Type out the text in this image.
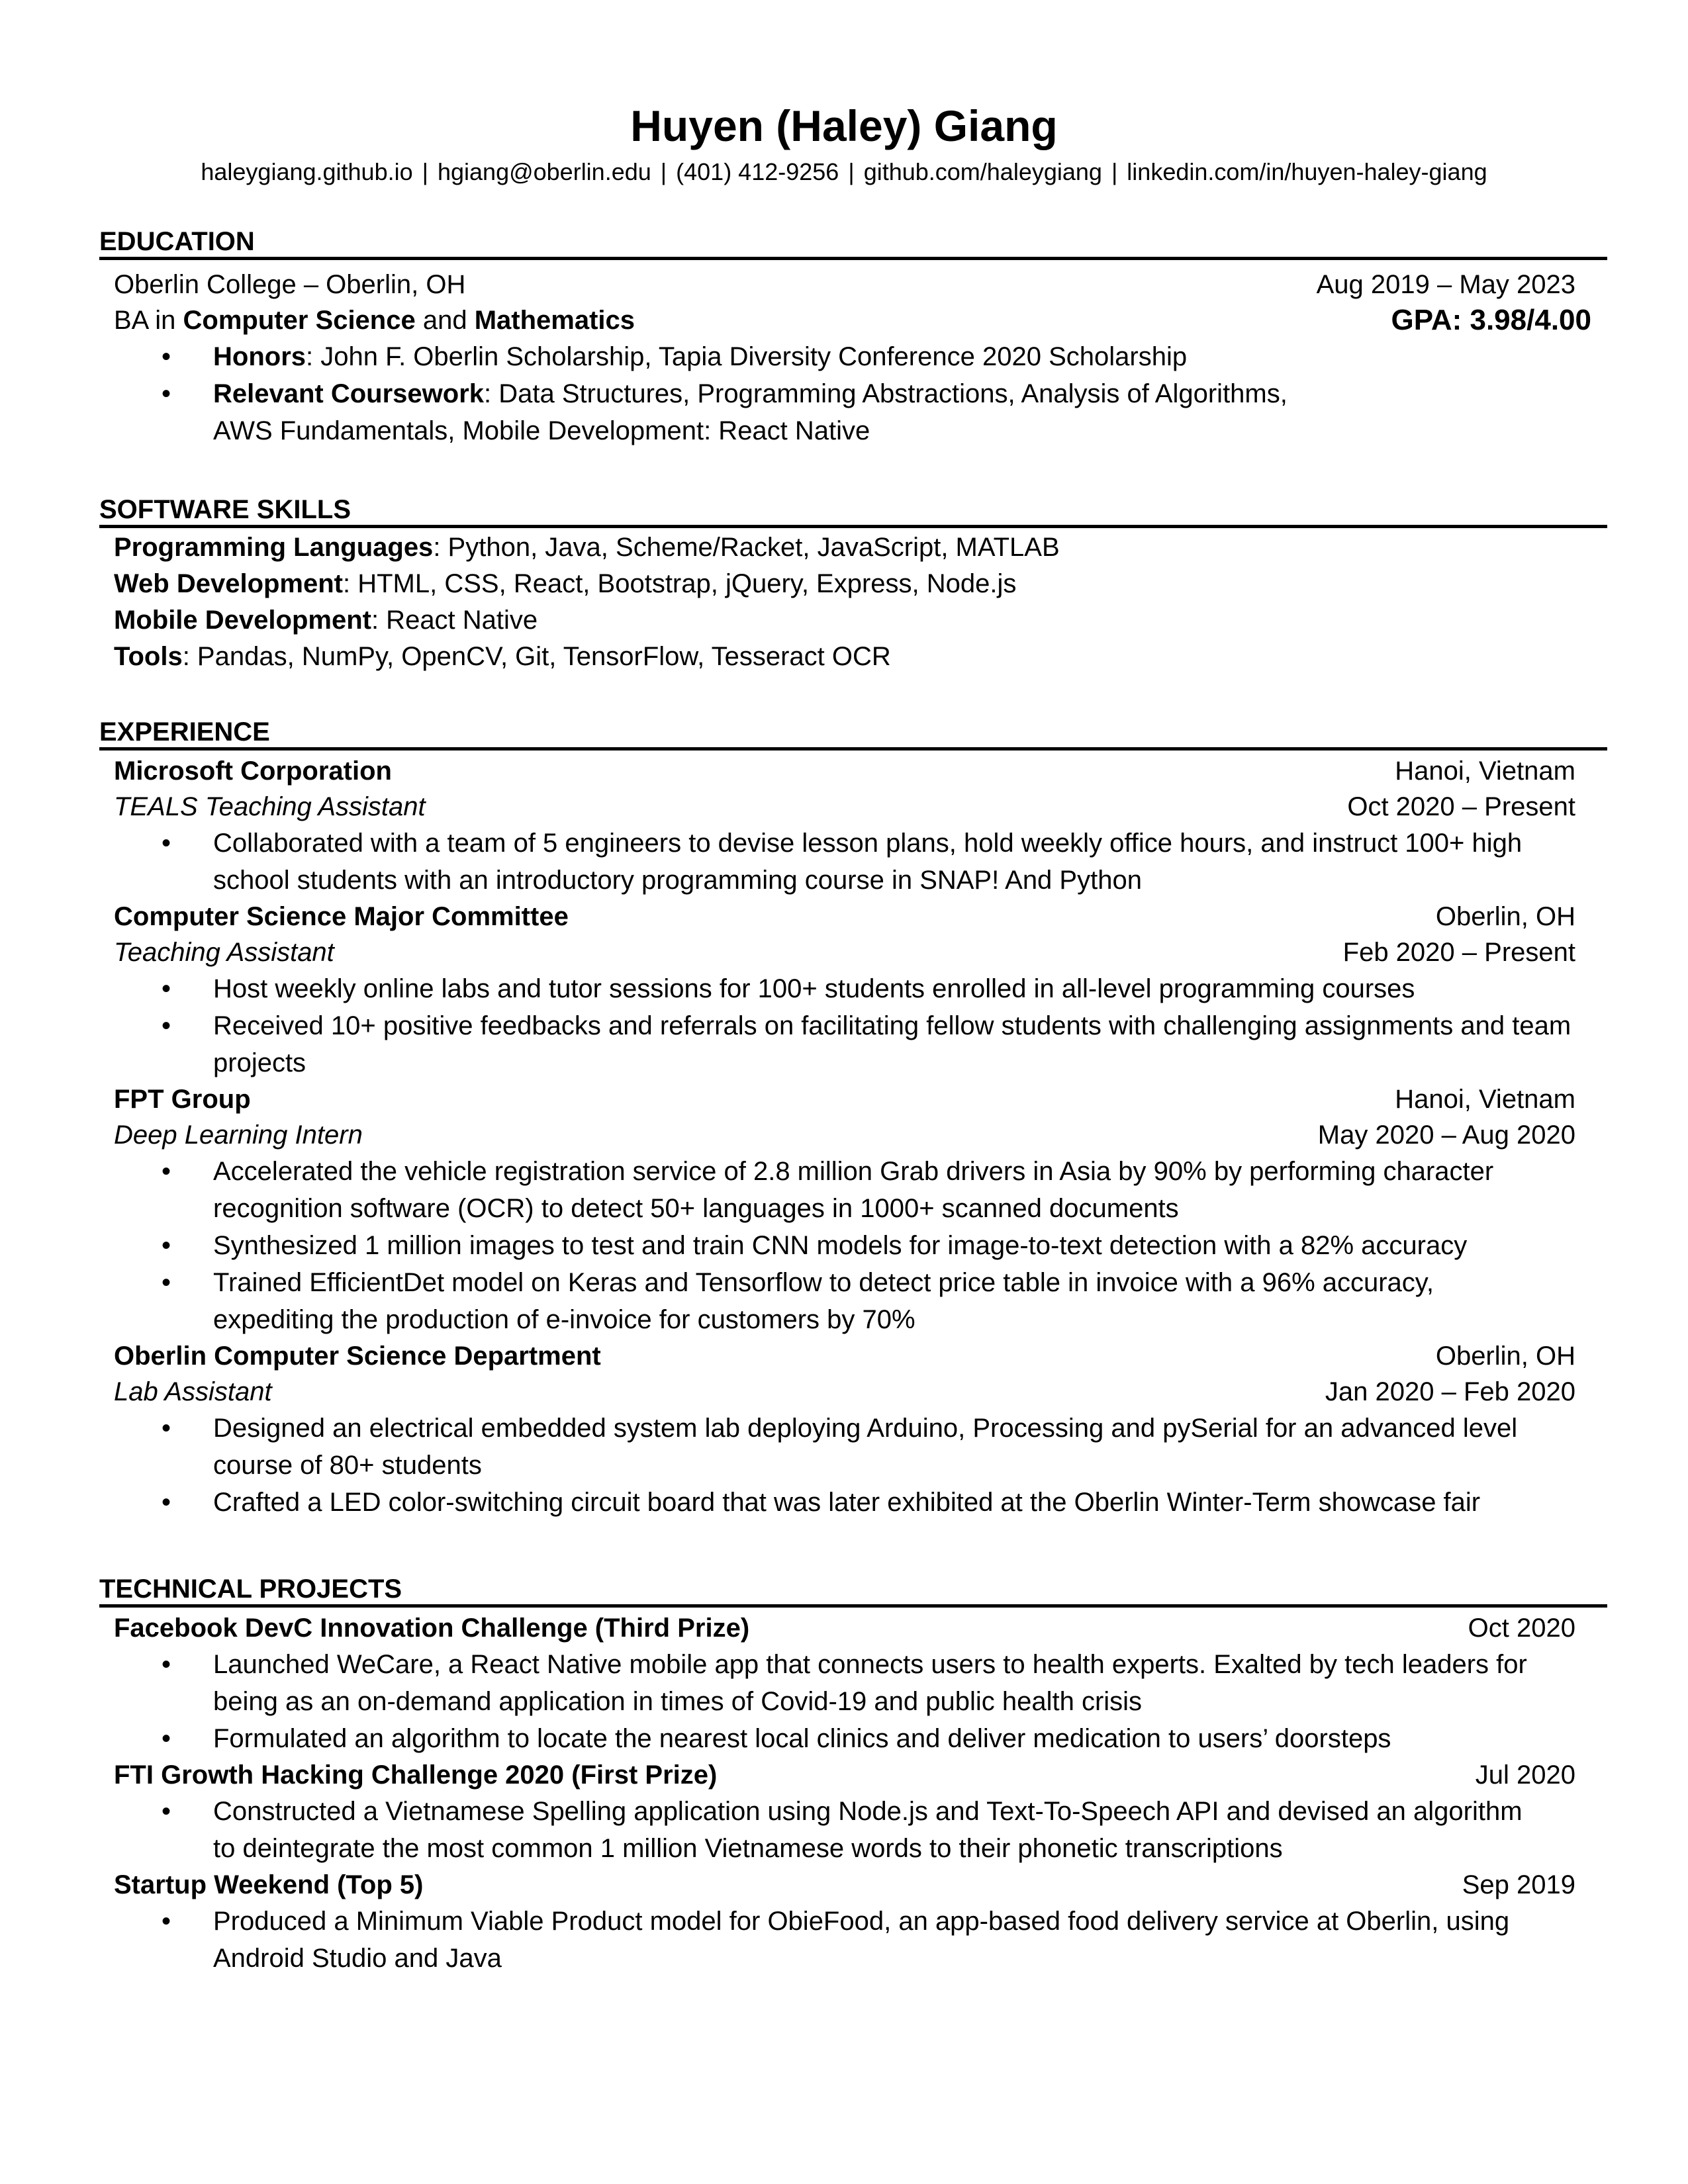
Huyen (Haley) Giang
haleygiang.github.io | hgiang@oberlin.edu | (401) 412-9256 | github.com/haleygiang | linkedin.com/in/huyen-haley-giang
EDUCATION
Oberlin College – Oberlin, OH	Aug 2019 – May 2023
BA in Computer Science and Mathematics	GPA: 3.98/4.00
• Honors: John F. Oberlin Scholarship, Tapia Diversity Conference 2020 Scholarship
• Relevant Coursework: Data Structures, Programming Abstractions, Analysis of Algorithms, AWS Fundamentals, Mobile Development: React Native
SOFTWARE SKILLS
Programming Languages: Python, Java, Scheme/Racket, JavaScript, MATLAB
Web Development: HTML, CSS, React, Bootstrap, jQuery, Express, Node.js
Mobile Development: React Native
Tools: Pandas, NumPy, OpenCV, Git, TensorFlow, Tesseract OCR
EXPERIENCE
Microsoft Corporation	Hanoi, Vietnam
TEALS Teaching Assistant	Oct 2020 – Present
• Collaborated with a team of 5 engineers to devise lesson plans, hold weekly office hours, and instruct 100+ high school students with an introductory programming course in SNAP! And Python
Computer Science Major Committee	Oberlin, OH
Teaching Assistant	Feb 2020 – Present
• Host weekly online labs and tutor sessions for 100+ students enrolled in all-level programming courses
• Received 10+ positive feedbacks and referrals on facilitating fellow students with challenging assignments and team projects
FPT Group	Hanoi, Vietnam
Deep Learning Intern	May 2020 – Aug 2020
• Accelerated the vehicle registration service of 2.8 million Grab drivers in Asia by 90% by performing character recognition software (OCR) to detect 50+ languages in 1000+ scanned documents
• Synthesized 1 million images to test and train CNN models for image-to-text detection with a 82% accuracy
• Trained EfficientDet model on Keras and Tensorflow to detect price table in invoice with a 96% accuracy, expediting the production of e-invoice for customers by 70%
Oberlin Computer Science Department	Oberlin, OH
Lab Assistant	Jan 2020 – Feb 2020
• Designed an electrical embedded system lab deploying Arduino, Processing and pySerial for an advanced level course of 80+ students
• Crafted a LED color-switching circuit board that was later exhibited at the Oberlin Winter-Term showcase fair
TECHNICAL PROJECTS
Facebook DevC Innovation Challenge (Third Prize)	Oct 2020
• Launched WeCare, a React Native mobile app that connects users to health experts. Exalted by tech leaders for being as an on-demand application in times of Covid-19 and public health crisis
• Formulated an algorithm to locate the nearest local clinics and deliver medication to users’ doorsteps
FTI Growth Hacking Challenge 2020 (First Prize)	Jul 2020
• Constructed a Vietnamese Spelling application using Node.js and Text-To-Speech API and devised an algorithm to deintegrate the most common 1 million Vietnamese words to their phonetic transcriptions
Startup Weekend (Top 5)	Sep 2019
• Produced a Minimum Viable Product model for ObieFood, an app-based food delivery service at Oberlin, using Android Studio and Java
